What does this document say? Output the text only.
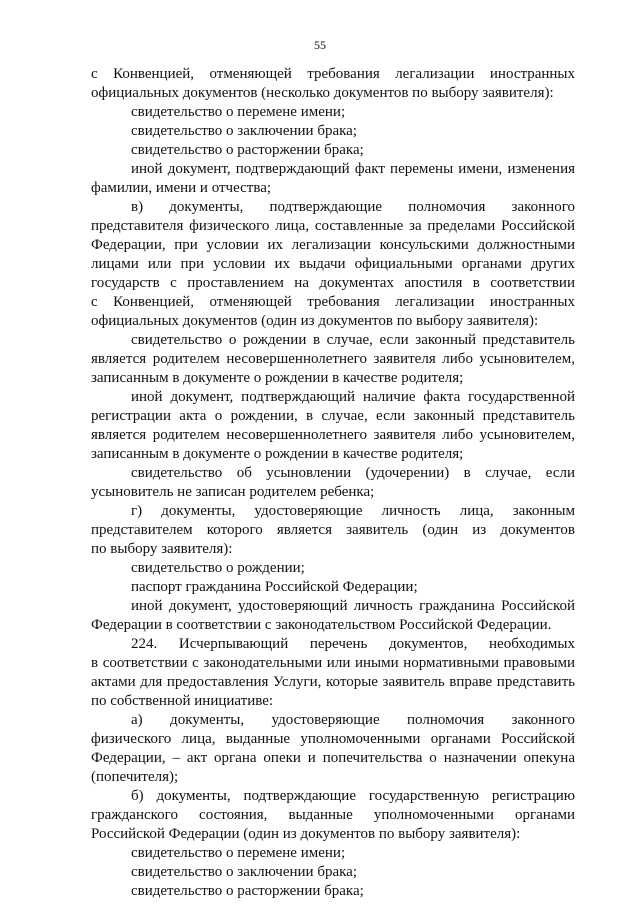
55
с Конвенцией, отменяющей требования легализации иностранных
официальных документов (несколько документов по выбору заявителя):
свидетельство о перемене имени;
свидетельство о заключении брака;
свидетельство о расторжении брака;
иной документ, подтверждающий факт перемены имени, изменения
фамилии, имени и отчества;
в) документы, подтверждающие полномочия законного
представителя физического лица, составленные за пределами Российской
Федерации, при условии их легализации консульскими должностными
лицами или при условии их выдачи официальными органами других
государств с проставлением на документах апостиля в соответствии
с Конвенцией, отменяющей требования легализации иностранных
официальных документов (один из документов по выбору заявителя):
свидетельство о рождении в случае, если законный представитель
является родителем несовершеннолетнего заявителя либо усыновителем,
записанным в документе о рождении в качестве родителя;
иной документ, подтверждающий наличие факта государственной
регистрации акта о рождении, в случае, если законный представитель
является родителем несовершеннолетнего заявителя либо усыновителем,
записанным в документе о рождении в качестве родителя;
свидетельство об усыновлении (удочерении) в случае, если
усыновитель не записан родителем ребенка;
г) документы, удостоверяющие личность лица, законным
представителем которого является заявитель (один из документов
по выбору заявителя):
свидетельство о рождении;
паспорт гражданина Российской Федерации;
иной документ, удостоверяющий личность гражданина Российской
Федерации в соответствии с законодательством Российской Федерации.
224. Исчерпывающий перечень документов, необходимых
в соответствии с законодательными или иными нормативными правовыми
актами для предоставления Услуги, которые заявитель вправе представить
по собственной инициативе:
а) документы, удостоверяющие полномочия законного
физического лица, выданные уполномоченными органами Российской
Федерации, – акт органа опеки и попечительства о назначении опекуна
(попечителя);
б) документы, подтверждающие государственную регистрацию
гражданского состояния, выданные уполномоченными органами
Российской Федерации (один из документов по выбору заявителя):
свидетельство о перемене имени;
свидетельство о заключении брака;
свидетельство о расторжении брака;
